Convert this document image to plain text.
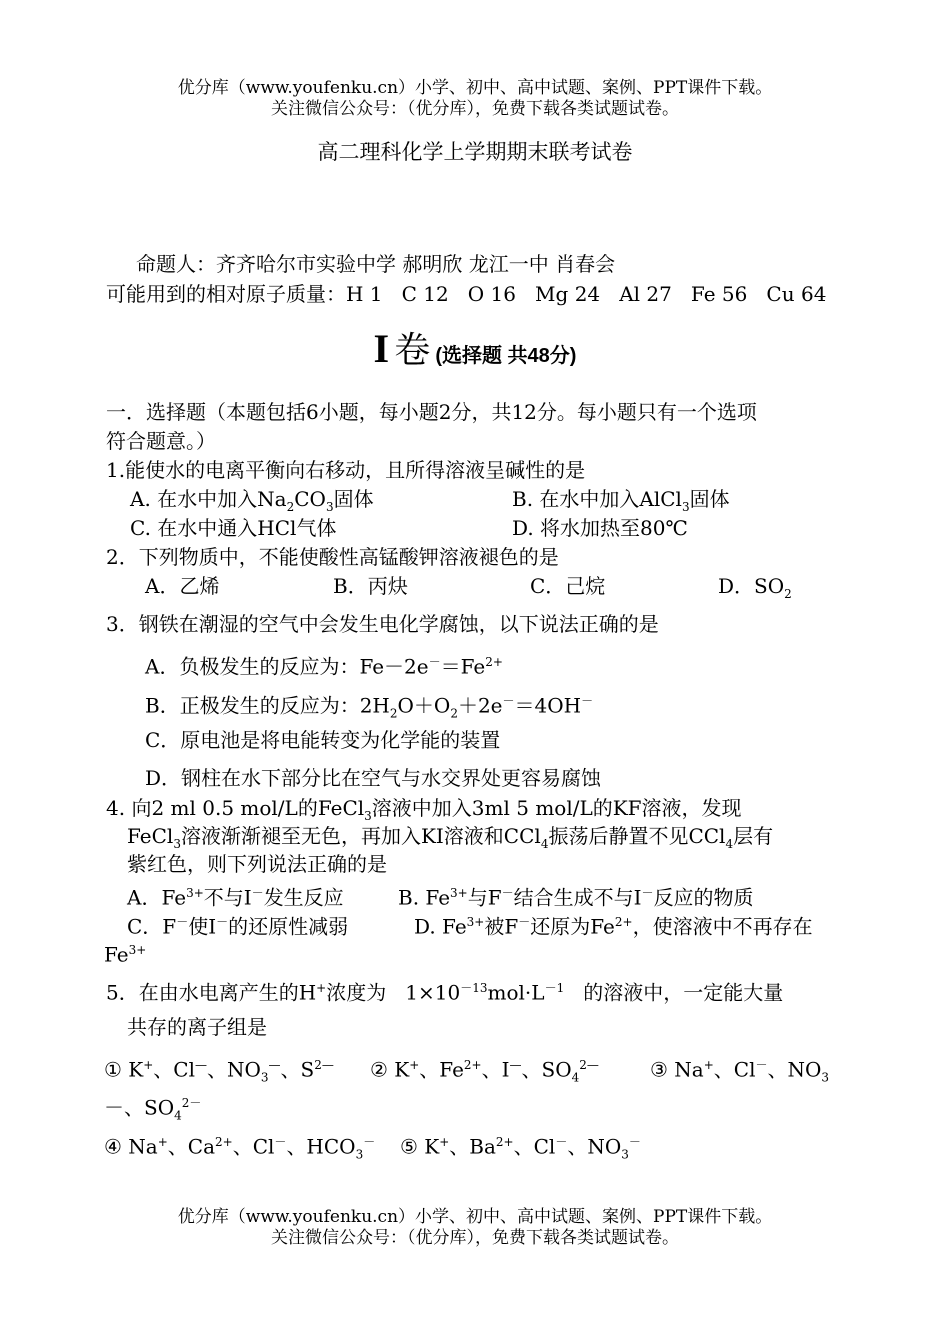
优分库（www.youfenku.cn）小学、初中、高中试题、案例、PPT课件下载。
关注微信公众号：（优分库），免费下载各类试题试卷。
高二理科化学上学期期末联考试卷
命题人：齐齐哈尔市实验中学 郝明欣 龙江一中 肖春会
可能用到的相对原子质量：H 1   C 12   O 16   Mg 24   Al 27   Fe 56   Cu 64
I 卷 (选择题 共48分)
一．选择题（本题包括6小题，每小题2分，共12分。每小题只有一个选项
符合题意。）
1.能使水的电离平衡向右移动，且所得溶液呈碱性的是
A. 在水中加入$Na_2CO_3$固体	B. 在水中加入AlCl$_3$固体
C. 在水中通入HCl气体	D. 将水加热至80℃
2．下列物质中，不能使酸性高锰酸钾溶液褪色的是
A．乙烯	B．丙炔	C．己烷	D．$SO_2$
3．钢铁在潮湿的空气中会发生电化学腐蚀，以下说法正确的是
A．负极发生的反应为：$Fe-2e^-=Fe^{2+}$
B．正极发生的反应为：$2H_2O+O_2+2e^-=4OH^-$
C．原电池是将电能转变为化学能的装置
D．钢柱在水下部分比在空气与水交界处更容易腐蚀
4. 向2 ml 0.5 mol/L的FeCl$_3$溶液中加入3ml 5 mol/L的KF溶液，发现
FeCl$_3$溶液渐渐褪至无色，再加入KI溶液和CCl$_4$振荡后静置不见CCl$_4$层有
紫红色，则下列说法正确的是
A．$Fe^{3+}$不与I－发生反应	B. $Fe^{3+}$与F－结合生成不与I－反应的物质
C．F－使I－的还原性减弱	D. $Fe^{3+}$被F－还原为$Fe^{2+}$，使溶液中不再存在
$Fe^{3+}$
5．在由水电离产生的H+浓度为   $1\times 10^{-13}mol\cdot L^{-1}$   的溶液中，一定能大量
共存的离子组是
① K+、Cl—、$NO_3^—$、$S^{2—}$ ② K+、$Fe^{2+}$、I—、$SO_4^{2—}$	③ Na+、Cl－、$NO_3$
－、$SO_4^{2-}$
④ Na+、$Ca^{2+}$、Cl－、$HCO_3^-$ ⑤ K+、$Ba^{2+}$、Cl－、$NO_3^-$
优分库（www.youfenku.cn）小学、初中、高中试题、案例、PPT课件下载。
关注微信公众号：（优分库），免费下载各类试题试卷。
